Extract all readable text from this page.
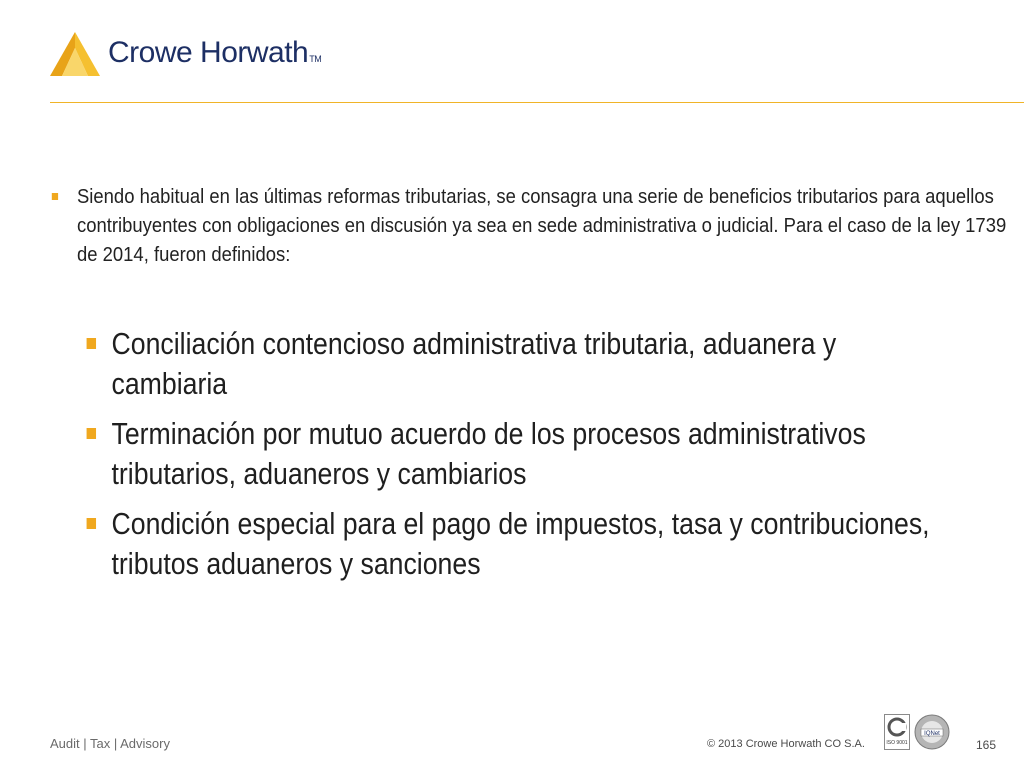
Crowe HorwathTM
Siendo habitual en las últimas reformas tributarias, se consagra una serie de beneficios tributarios para aquellos contribuyentes con obligaciones en discusión ya sea en sede administrativa o judicial. Para el caso de la ley 1739 de 2014, fueron definidos:
Conciliación contencioso administrativa tributaria, aduanera y cambiaria
Terminación por mutuo acuerdo de los procesos administrativos tributarios, aduaneros y cambiarios
Condición especial para el pago de impuestos, tasa y contribuciones, tributos aduaneros y sanciones
Audit | Tax | Advisory	© 2013 Crowe Horwath CO S.A.	ISO 9001
IQNet
165
